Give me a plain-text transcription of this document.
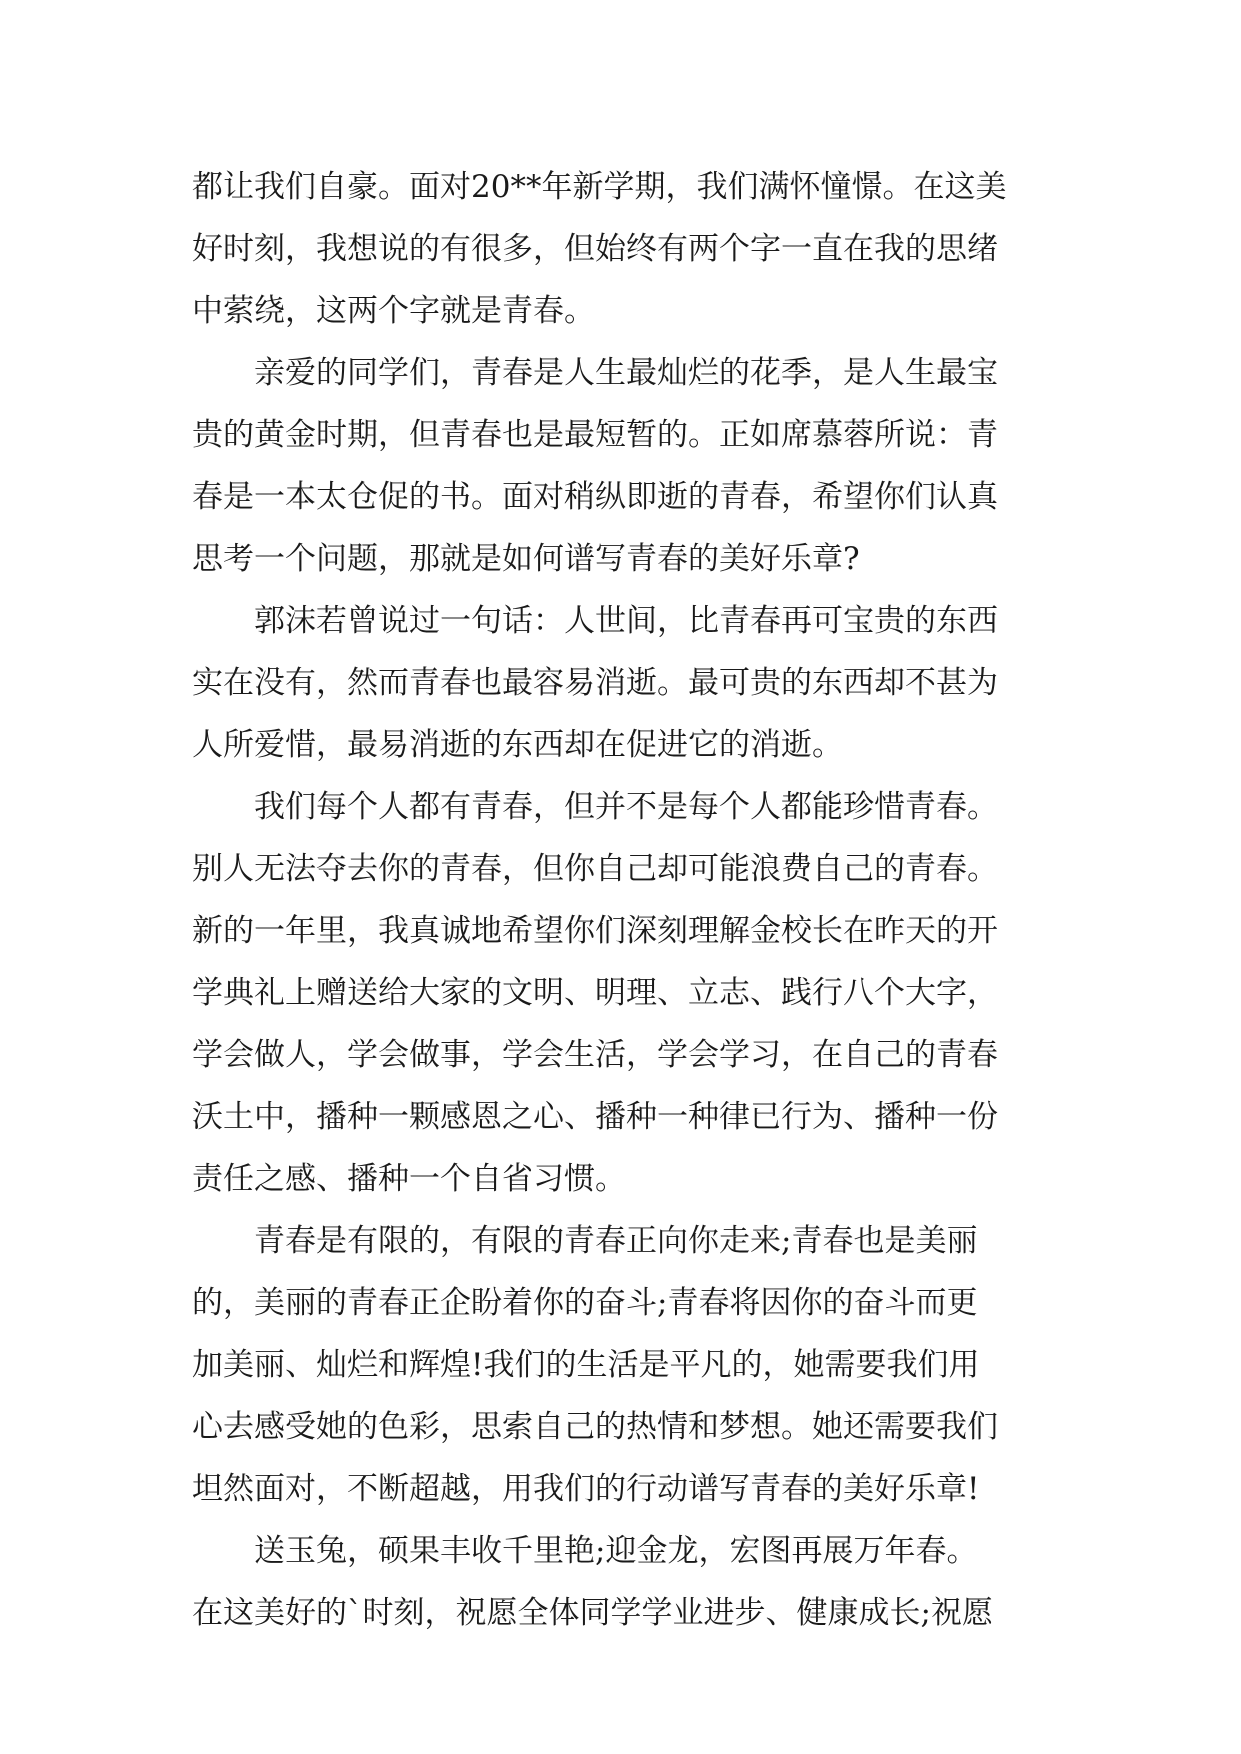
都让我们自豪。面对20**年新学期，我们满怀憧憬。在这美
好时刻，我想说的有很多，但始终有两个字一直在我的思绪
中萦绕，这两个字就是青春。
亲爱的同学们，青春是人生最灿烂的花季，是人生最宝
贵的黄金时期，但青春也是最短暂的。正如席慕蓉所说：青
春是一本太仓促的书。面对稍纵即逝的青春，希望你们认真
思考一个问题，那就是如何谱写青春的美好乐章?
郭沫若曾说过一句话：人世间，比青春再可宝贵的东西
实在没有，然而青春也最容易消逝。最可贵的东西却不甚为
人所爱惜，最易消逝的东西却在促进它的消逝。
我们每个人都有青春，但并不是每个人都能珍惜青春。
别人无法夺去你的青春，但你自己却可能浪费自己的青春。
新的一年里，我真诚地希望你们深刻理解金校长在昨天的开
学典礼上赠送给大家的文明、明理、立志、践行八个大字，
学会做人，学会做事，学会生活，学会学习，在自己的青春
沃土中，播种一颗感恩之心、播种一种律已行为、播种一份
责任之感、播种一个自省习惯。
青春是有限的，有限的青春正向你走来;青春也是美丽
的，美丽的青春正企盼着你的奋斗;青春将因你的奋斗而更
加美丽、灿烂和辉煌!我们的生活是平凡的，她需要我们用
心去感受她的色彩，思索自己的热情和梦想。她还需要我们
坦然面对，不断超越，用我们的行动谱写青春的美好乐章!
送玉兔，硕果丰收千里艳;迎金龙，宏图再展万年春。
在这美好的`时刻，祝愿全体同学学业进步、健康成长;祝愿
